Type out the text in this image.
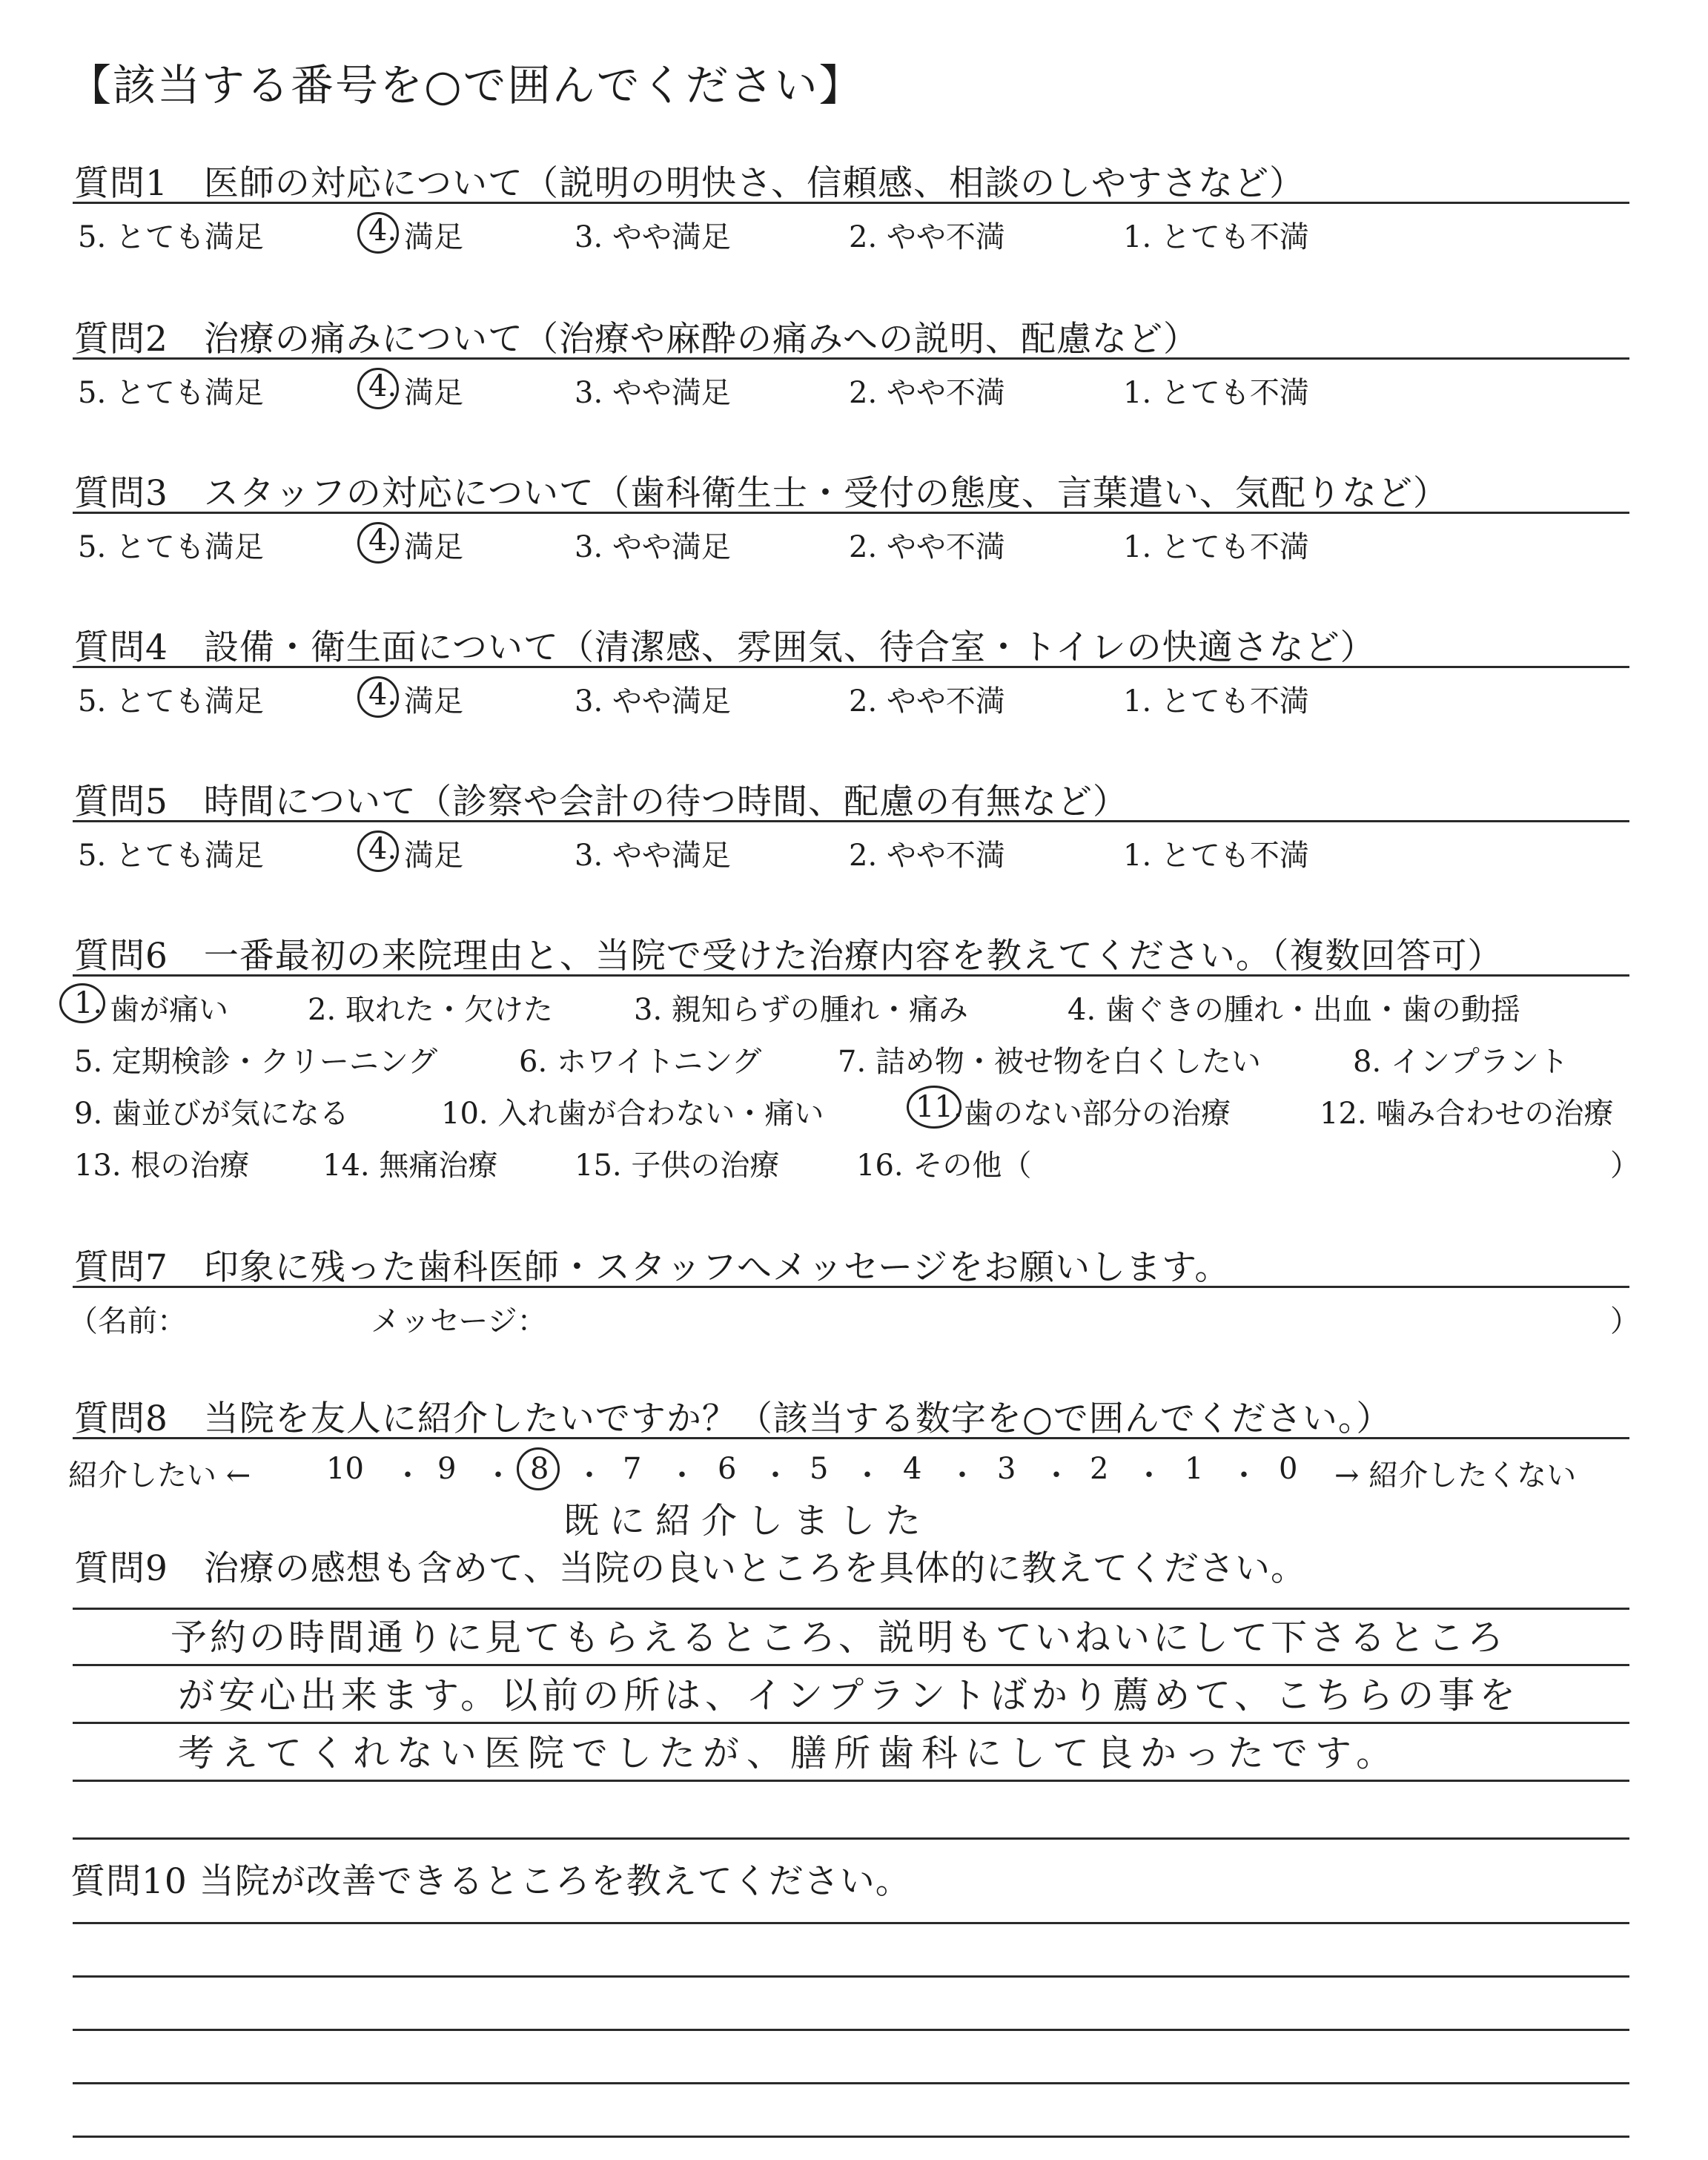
【該当する番号を○で囲んでください】
質問1　医師の対応について（説明の明快さ、信頼感、相談のしやすさなど）
5. とても満足	4. 満足	3. やや満足	2. やや不満	1. とても不満
質問2　治療の痛みについて（治療や麻酔の痛みへの説明、配慮など）
5. とても満足	4. 満足	3. やや満足	2. やや不満	1. とても不満
質問3　スタッフの対応について（歯科衛生士・受付の態度、言葉遣い、気配りなど）
5. とても満足	4. 満足	3. やや満足	2. やや不満	1. とても不満
質問4　設備・衛生面について（清潔感、雰囲気、待合室・トイレの快適さなど）
5. とても満足	4. 満足	3. やや満足	2. やや不満	1. とても不満
質問5　時間について（診察や会計の待つ時間、配慮の有無など）
5. とても満足	4. 満足	3. やや満足	2. やや不満	1. とても不満
質問6　一番最初の来院理由と、当院で受けた治療内容を教えてください。（複数回答可）
1. 歯が痛い	2. 取れた・欠けた	3. 親知らずの腫れ・痛み	4. 歯ぐきの腫れ・出血・歯の動揺
5. 定期検診・クリーニング	6. ホワイトニング	7. 詰め物・被せ物を白くしたい	8. インプラント
9. 歯並びが気になる	10. 入れ歯が合わない・痛い	11. 歯のない部分の治療	12. 噛み合わせの治療
13. 根の治療 14. 無痛治療	15. 子供の治療	16. その他（	）
質問7　印象に残った歯科医師・スタッフへメッセージをお願いします。
（名前：	メッセージ：	）
質問8　当院を友人に紹介したいですか？（該当する数字を○で囲んでください。）
紹介したい ←	10 ・ 9 ・ 8 ・ 7 ・ 6 ・ 5 ・ 4 ・ 3 ・ 2 ・ 1 ・ 0 → 紹介したくない
既に紹介しました
質問9　治療の感想も含めて、当院の良いところを具体的に教えてください。
予約の時間通りに見てもらえるところ、説明もていねいにして下さるところ
が安心出来ます。以前の所は、インプラントばかり薦めて、こちらの事を
考えてくれない医院でしたが、膳所歯科にして良かったです。
質問10 当院が改善できるところを教えてください。
